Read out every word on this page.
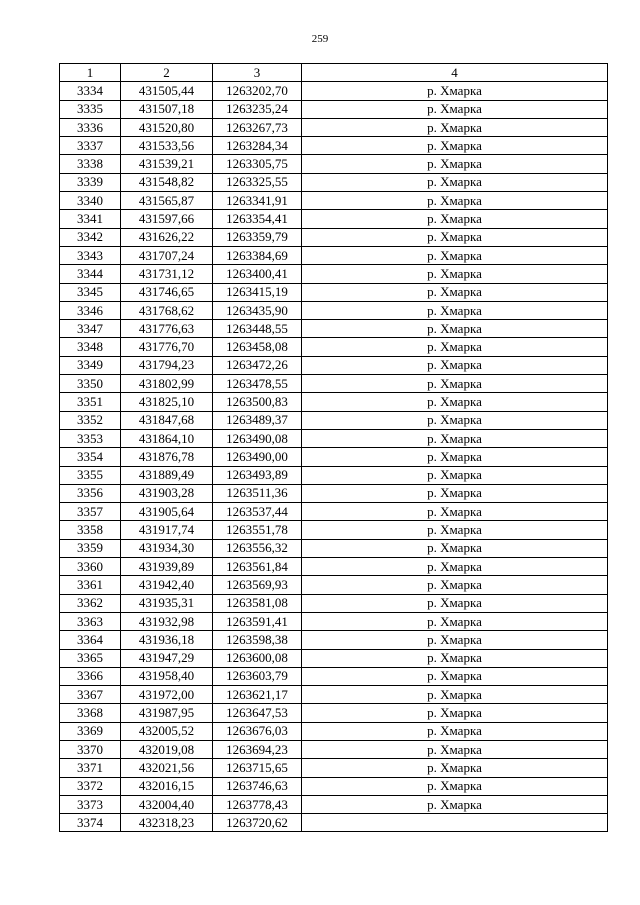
259
1	2	3	4
3334	431505,44	1263202,70	р. Хмарка
3335	431507,18	1263235,24	р. Хмарка
3336	431520,80	1263267,73	р. Хмарка
3337	431533,56	1263284,34	р. Хмарка
3338	431539,21	1263305,75	р. Хмарка
3339	431548,82	1263325,55	р. Хмарка
3340	431565,87	1263341,91	р. Хмарка
3341	431597,66	1263354,41	р. Хмарка
3342	431626,22	1263359,79	р. Хмарка
3343	431707,24	1263384,69	р. Хмарка
3344	431731,12	1263400,41	р. Хмарка
3345	431746,65	1263415,19	р. Хмарка
3346	431768,62	1263435,90	р. Хмарка
3347	431776,63	1263448,55	р. Хмарка
3348	431776,70	1263458,08	р. Хмарка
3349	431794,23	1263472,26	р. Хмарка
3350	431802,99	1263478,55	р. Хмарка
3351	431825,10	1263500,83	р. Хмарка
3352	431847,68	1263489,37	р. Хмарка
3353	431864,10	1263490,08	р. Хмарка
3354	431876,78	1263490,00	р. Хмарка
3355	431889,49	1263493,89	р. Хмарка
3356	431903,28	1263511,36	р. Хмарка
3357	431905,64	1263537,44	р. Хмарка
3358	431917,74	1263551,78	р. Хмарка
3359	431934,30	1263556,32	р. Хмарка
3360	431939,89	1263561,84	р. Хмарка
3361	431942,40	1263569,93	р. Хмарка
3362	431935,31	1263581,08	р. Хмарка
3363	431932,98	1263591,41	р. Хмарка
3364	431936,18	1263598,38	р. Хмарка
3365	431947,29	1263600,08	р. Хмарка
3366	431958,40	1263603,79	р. Хмарка
3367	431972,00	1263621,17	р. Хмарка
3368	431987,95	1263647,53	р. Хмарка
3369	432005,52	1263676,03	р. Хмарка
3370	432019,08	1263694,23	р. Хмарка
3371	432021,56	1263715,65	р. Хмарка
3372	432016,15	1263746,63	р. Хмарка
3373	432004,40	1263778,43	р. Хмарка
3374	432318,23	1263720,62	
